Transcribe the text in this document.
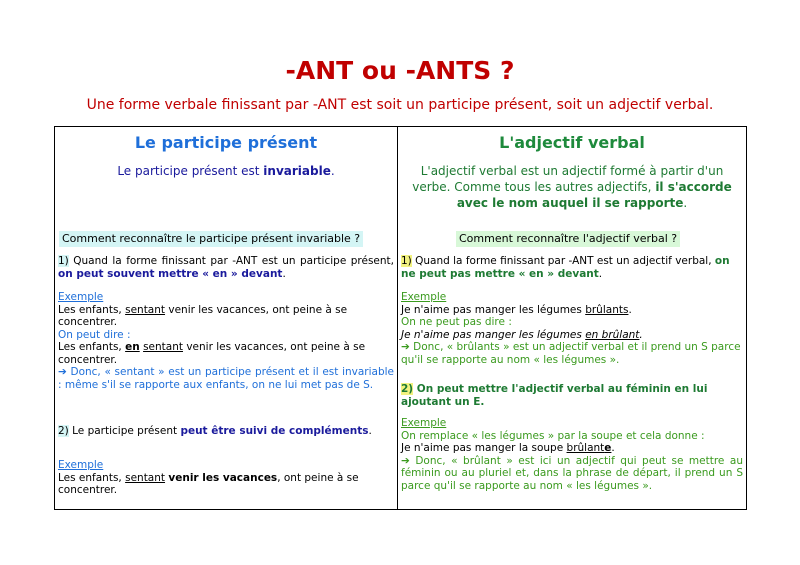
-ANT ou -ANTS ?

Une forme verbale finissant par -ANT est soit un participe présent, soit un adjectif verbal.

Le participe présent
Le participe présent est invariable.
Comment reconnaître le participe présent invariable ?
1) Quand la forme finissant par -ANT est un participe présent, on peut souvent mettre « en » devant.
Exemple
Les enfants, sentant venir les vacances, ont peine à se concentrer.
On peut dire :
Les enfants, en sentant venir les vacances, ont peine à se concentrer.
➔ Donc, « sentant » est un participe présent et il est invariable : même s'il se rapporte aux enfants, on ne lui met pas de S.
2) Le participe présent peut être suivi de compléments.
Exemple
Les enfants, sentant venir les vacances, ont peine à se concentrer.
L'adjectif verbal
L'adjectif verbal est un adjectif formé à partir d'un verbe. Comme tous les autres adjectifs, il s'accorde avec le nom auquel il se rapporte.
Comment reconnaître l'adjectif verbal ?
1) Quand la forme finissant par -ANT est un adjectif verbal, on ne peut pas mettre « en » devant.
Exemple
Je n'aime pas manger les légumes brûlants.
On ne peut pas dire :
Je n'aime pas manger les légumes en brûlant.
➔ Donc, « brûlants » est un adjectif verbal et il prend un S parce qu'il se rapporte au nom « les légumes ».
2) On peut mettre l'adjectif verbal au féminin en lui ajoutant un E.
Exemple
On remplace « les légumes » par la soupe et cela donne :
Je n'aime pas manger la soupe brûlante.
➔ Donc, « brûlant » est ici un adjectif qui peut se mettre au féminin ou au pluriel et, dans la phrase de départ, il prend un S parce qu'il se rapporte au nom « les légumes ».
